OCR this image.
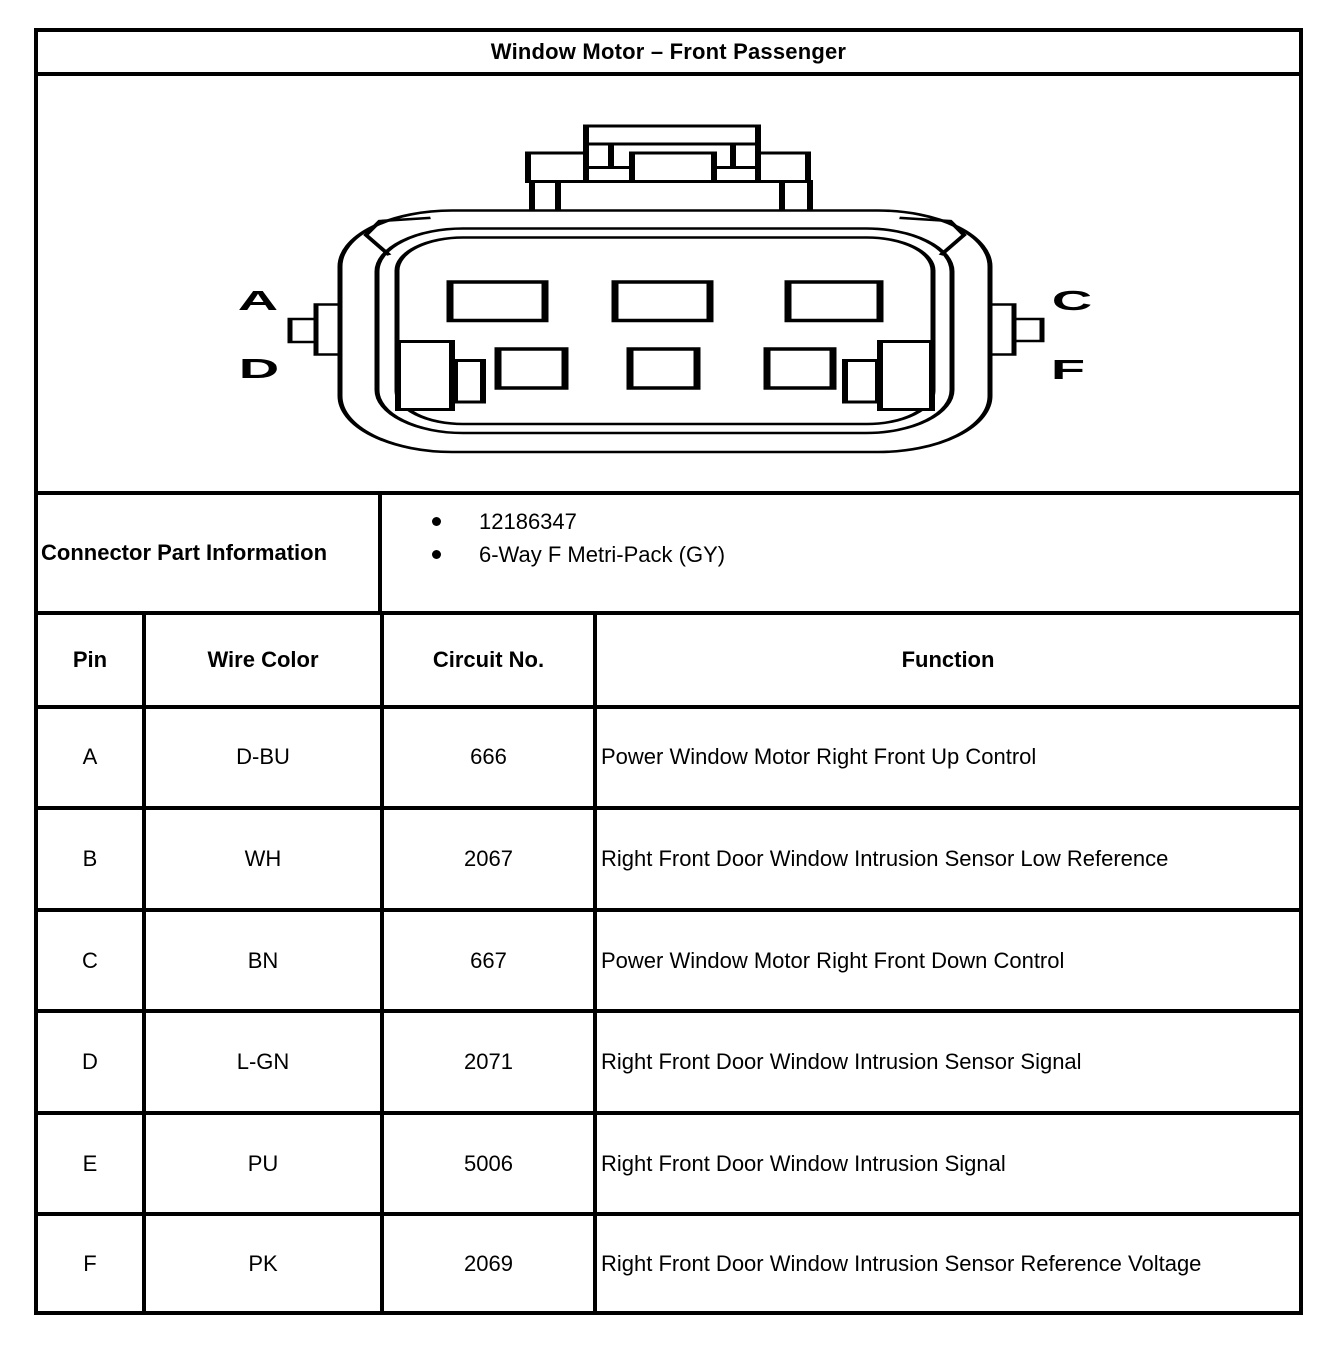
Window Motor – Front Passenger
A	C
D	F
Connector Part Information
12186347
6-Way F Metri-Pack (GY)
Pin	Wire Color	Circuit No.	Function
A	D-BU	666	Power Window Motor Right Front Up Control
B	WH	2067	Right Front Door Window Intrusion Sensor Low Reference
C	BN	667	Power Window Motor Right Front Down Control
D	L-GN	2071	Right Front Door Window Intrusion Sensor Signal
E	PU	5006	Right Front Door Window Intrusion Signal
F	PK	2069	Right Front Door Window Intrusion Sensor Reference Voltage
